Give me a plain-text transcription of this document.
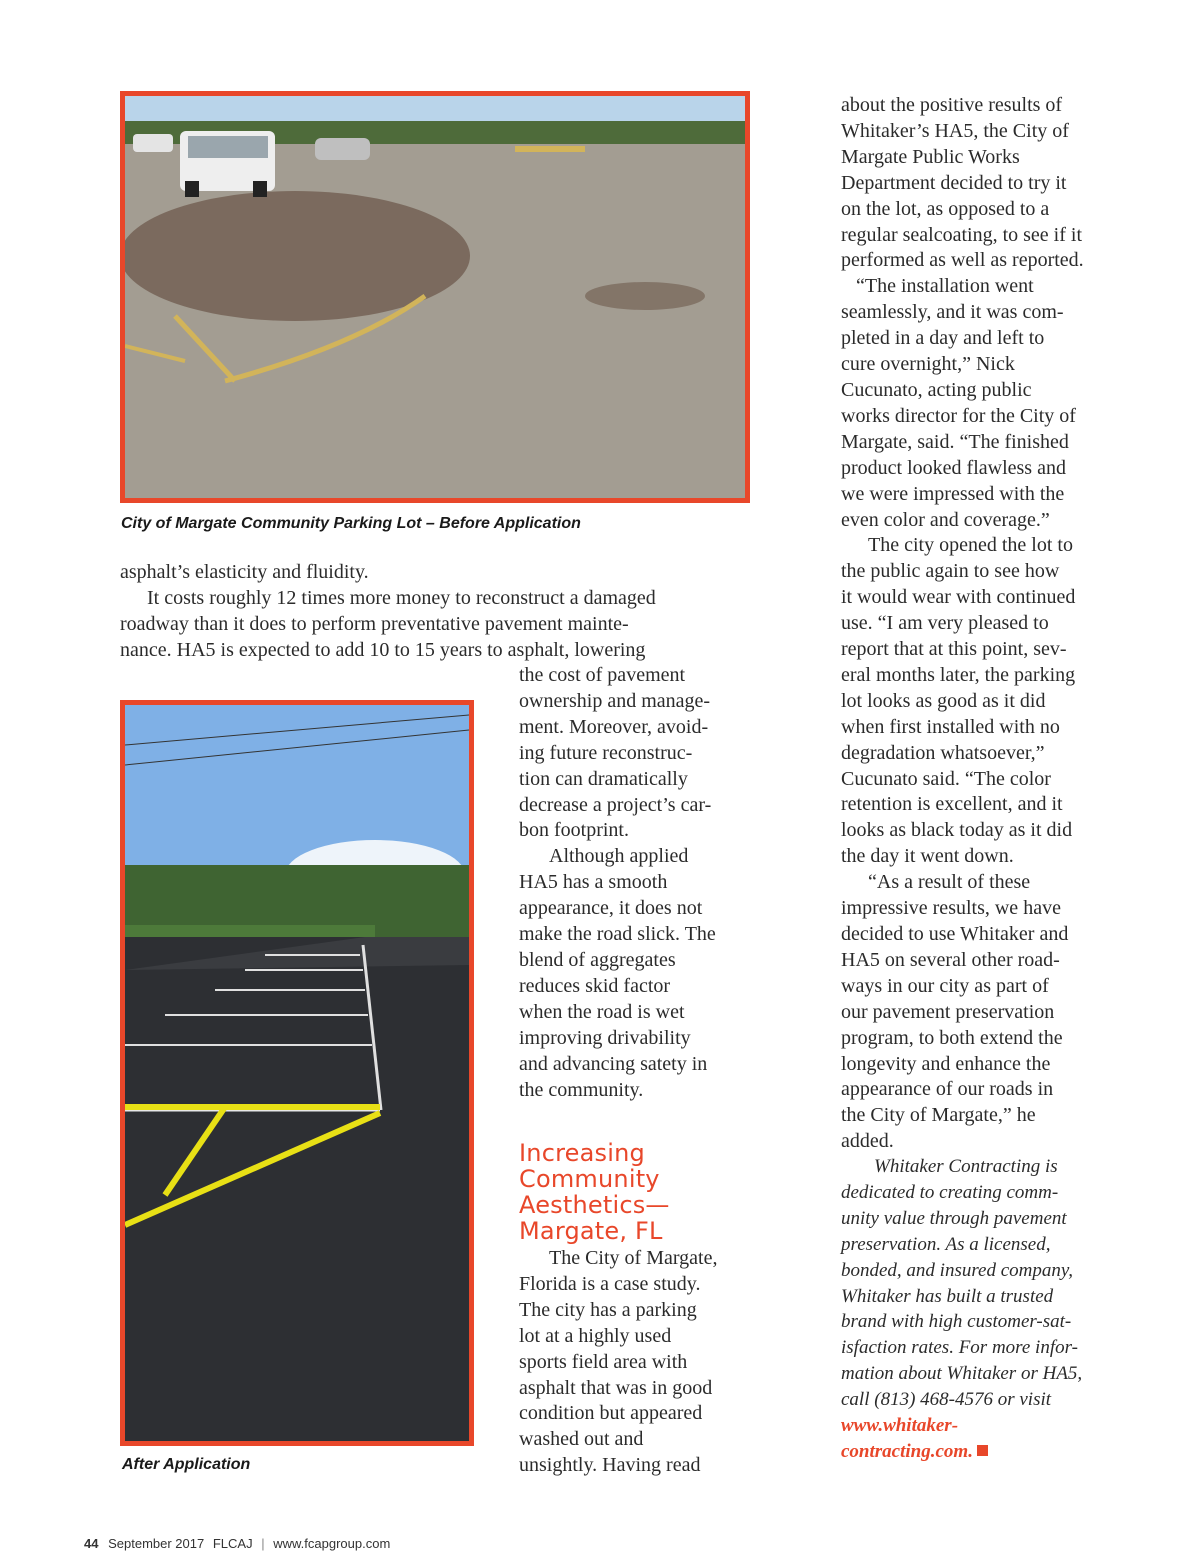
City of Margate Community Parking Lot – Before Application
After Application
asphalt’s elasticity and fluidity.
It costs roughly 12 times more money to reconstruct a damaged
roadway than it does to perform preventative pavement mainte-
nance. HA5 is expected to add 10 to 15 years to asphalt, lowering
the cost of pavement
ownership and manage-
ment. Moreover, avoid-
ing future reconstruc-
tion can dramatically
decrease a project’s car-
bon footprint.
Although applied
HA5 has a smooth
appearance, it does not
make the road slick. The
blend of aggregates
reduces skid factor
when the road is wet
improving drivability
and advancing satety in
the community.
Increasing
Community
Aesthetics—
Margate, FL
The City of Margate,
Florida is a case study.
The city has a parking
lot at a highly used
sports field area with
asphalt that was in good
condition but appeared
washed out and
unsightly. Having read
about the positive results of
Whitaker’s HA5, the City of
Margate Public Works
Department decided to try it
on the lot, as opposed to a
regular sealcoating, to see if it
performed as well as reported.
“The installation went
seamlessly, and it was com-
pleted in a day and left to
cure overnight,” Nick
Cucunato, acting public
works director for the City of
Margate, said. “The finished
product looked flawless and
we were impressed with the
even color and coverage.”
The city opened the lot to
the public again to see how
it would wear with continued
use. “I am very pleased to
report that at this point, sev-
eral months later, the parking
lot looks as good as it did
when first installed with no
degradation whatsoever,”
Cucunato said. “The color
retention is excellent, and it
looks as black today as it did
the day it went down.
“As a result of these
impressive results, we have
decided to use Whitaker and
HA5 on several other road-
ways in our city as part of
our pavement preservation
program, to both extend the
longevity and enhance the
appearance of our roads in
the City of Margate,” he
added.
Whitaker Contracting is
dedicated to creating comm-
unity value through pavement
preservation. As a licensed,
bonded, and insured company,
Whitaker has built a trusted
brand with high customer-sat-
isfaction rates. For more infor-
mation about Whitaker or HA5,
call (813) 468-4576 or visit
www.whitaker-
contracting.com.
44 September 2017 FLCAJ | www.fcapgroup.com
